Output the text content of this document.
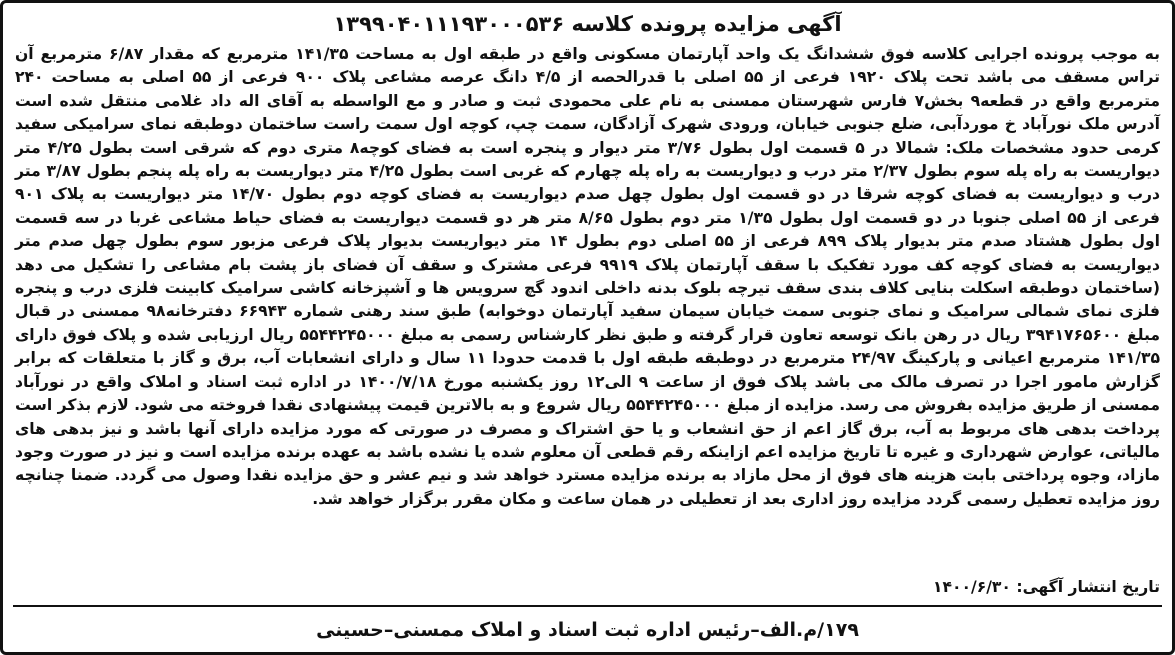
آگهی مزایده پرونده کلاسه ۱۳۹۹۰۴۰۱۱۱۹۳۰۰۰۵۳۶
به موجب پرونده اجرایی کلاسه فوق ششدانگ یک واحد آپارتمان مسکونی واقع در طبقه اول به مساحت ۱۴۱/۳۵ مترمربع که مقدار ۶/۸۷ مترمربع آن تراس مسقف می باشد تحت پلاک ۱۹۲۰ فرعی از ۵۵ اصلی با قدرالحصه از ۴/۵ دانگ عرصه مشاعی پلاک ۹۰۰ فرعی از ۵۵ اصلی به مساحت ۲۴۰ مترمربع واقع در قطعه۹ بخش۷ فارس شهرستان ممسنی به نام علی محمودی ثبت و صادر و مع الواسطه به آقای اله داد غلامی منتقل شده است آدرس ملک نورآباد خ موردآبی، ضلع جنوبی خیابان، ورودی شهرک آزادگان، سمت چپ، کوچه اول سمت راست ساختمان دوطبقه نمای سرامیکی سفید کرمی حدود مشخصات ملک: شمالا در ۵ قسمت اول بطول ۳/۷۶ متر دیوار و پنجره است به فضای کوچه۸ متری دوم که شرقی است بطول ۴/۲۵ متر دیواریست به راه پله سوم بطول ۲/۳۷ متر درب و دیواریست به راه پله چهارم که غربی است بطول ۴/۲۵ متر دیواریست به راه پله پنجم بطول ۳/۸۷ متر درب و دیواریست به فضای کوچه شرقا در دو قسمت اول بطول چهل صدم دیواریست به فضای کوچه دوم بطول ۱۴/۷۰ متر دیواریست به پلاک ۹۰۱ فرعی از ۵۵ اصلی جنوبا در دو قسمت اول بطول ۱/۳۵ متر دوم بطول ۸/۶۵ متر هر دو قسمت دیواریست به فضای حیاط مشاعی غربا در سه قسمت اول بطول هشتاد صدم متر بدیوار پلاک ۸۹۹ فرعی از ۵۵ اصلی دوم بطول ۱۴ متر دیواریست بدیوار پلاک فرعی مزبور سوم بطول چهل صدم متر دیواریست به فضای کوچه کف مورد تفکیک با سقف آپارتمان پلاک ۹۹۱۹ فرعی مشترک و سقف آن فضای باز پشت بام مشاعی را تشکیل می دهد (ساختمان دوطبقه اسکلت بنایی کلاف بندی سقف تیرچه بلوک بدنه داخلی اندود گچ سرویس ها و آشپزخانه کاشی سرامیک کابینت فلزی درب و پنجره فلزی نمای شمالی سرامیک و نمای جنوبی سمت خیابان سیمان سفید آپارتمان دوخوابه) طبق سند رهنی شماره ۶۶۹۴۳ دفترخانه۹۸ ممسنی در قبال مبلغ ۳۹۴۱۷۶۵۶۰۰ ریال در رهن بانک توسعه تعاون قرار گرفته و طبق نظر کارشناس رسمی به مبلغ ۵۵۴۴۲۴۵۰۰۰ ریال ارزیابی شده و پلاک فوق دارای ۱۴۱/۳۵ مترمربع اعیانی و پارکینگ ۲۴/۹۷ مترمربع در دوطبقه طبقه اول با قدمت حدودا ۱۱ سال و دارای انشعابات آب، برق و گاز با متعلقات که برابر گزارش مامور اجرا در تصرف مالک می باشد پلاک فوق از ساعت ۹ الی۱۲ روز یکشنبه مورخ ۱۴۰۰/۷/۱۸ در اداره ثبت اسناد و املاک واقع در نورآباد ممسنی از طریق مزایده بفروش می رسد. مزایده از مبلغ ۵۵۴۴۲۴۵۰۰۰ ریال شروع و به بالاترین قیمت پیشنهادی نقدا فروخته می شود. لازم بذکر است پرداخت بدهی های مربوط به آب، برق گاز اعم از حق انشعاب و یا حق اشتراک و مصرف در صورتی که مورد مزایده دارای آنها باشد و نیز بدهی های مالیاتی، عوارض شهرداری و غیره تا تاریخ مزایده اعم ازاینکه رقم قطعی آن معلوم شده یا نشده باشد به عهده برنده مزایده است و نیز در صورت وجود مازاد، وجوه پرداختی بابت هزینه های فوق از محل مازاد به برنده مزایده مسترد خواهد شد و نیم عشر و حق مزایده نقدا وصول می گردد. ضمنا چنانچه روز مزایده تعطیل رسمی گردد مزایده روز اداری بعد از تعطیلی در همان ساعت و مکان مقرر برگزار خواهد شد.
تاریخ انتشار آگهی: ۱۴۰۰/۶/۳۰
۱۷۹/م.الف–رئیس اداره ثبت اسناد و املاک ممسنی–حسینی
